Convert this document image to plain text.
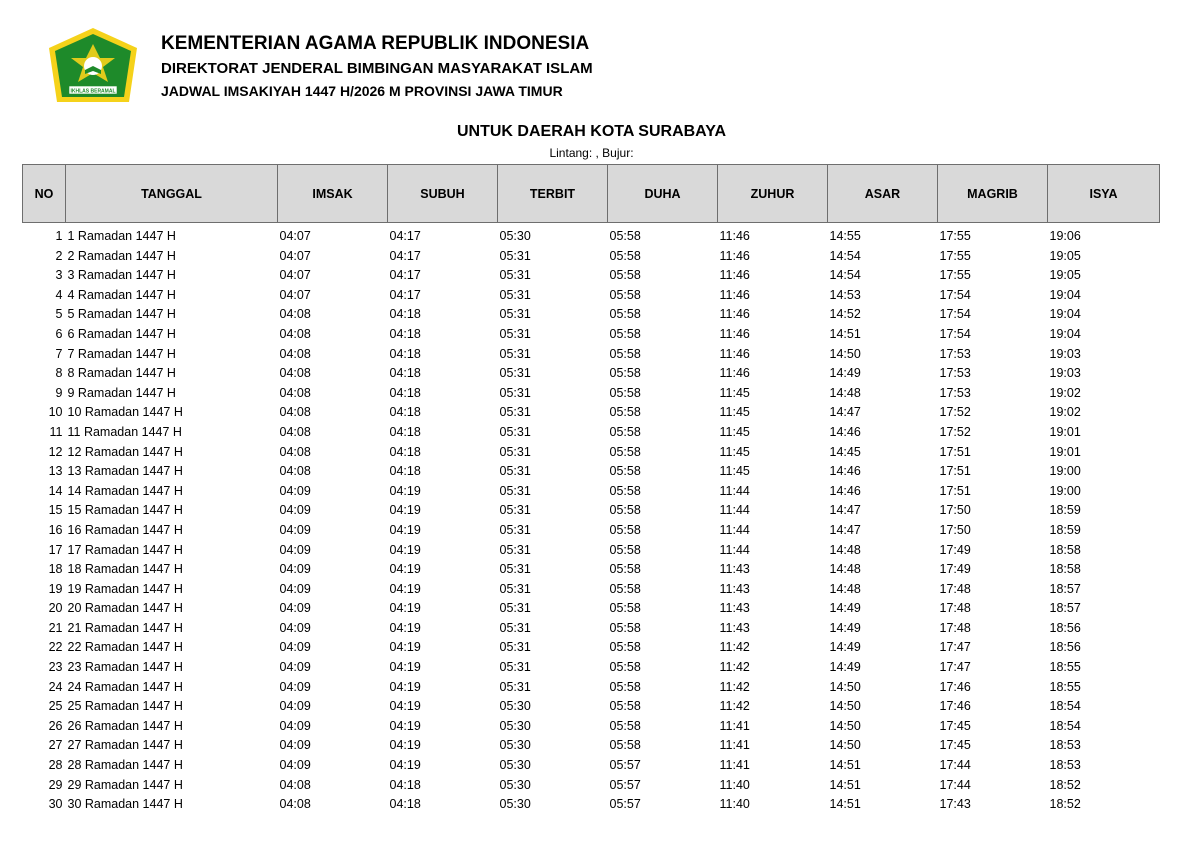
IKHLAS BERAMAL
KEMENTERIAN AGAMA REPUBLIK INDONESIA
DIREKTORAT JENDERAL BIMBINGAN MASYARAKAT ISLAM
JADWAL IMSAKIYAH 1447 H/2026 M PROVINSI JAWA TIMUR
UNTUK DAERAH KOTA SURABAYA
Lintang: , Bujur:
NO	TANGGAL	IMSAK	SUBUH	TERBIT	DUHA	ZUHUR	ASAR	MAGRIB	ISYA

1	1 Ramadan 1447 H	04:07	04:17	05:30	05:58	11:46	14:55	17:55	19:06
2	2 Ramadan 1447 H	04:07	04:17	05:31	05:58	11:46	14:54	17:55	19:05
3	3 Ramadan 1447 H	04:07	04:17	05:31	05:58	11:46	14:54	17:55	19:05
4	4 Ramadan 1447 H	04:07	04:17	05:31	05:58	11:46	14:53	17:54	19:04
5	5 Ramadan 1447 H	04:08	04:18	05:31	05:58	11:46	14:52	17:54	19:04
6	6 Ramadan 1447 H	04:08	04:18	05:31	05:58	11:46	14:51	17:54	19:04
7	7 Ramadan 1447 H	04:08	04:18	05:31	05:58	11:46	14:50	17:53	19:03
8	8 Ramadan 1447 H	04:08	04:18	05:31	05:58	11:46	14:49	17:53	19:03
9	9 Ramadan 1447 H	04:08	04:18	05:31	05:58	11:45	14:48	17:53	19:02
10	10 Ramadan 1447 H	04:08	04:18	05:31	05:58	11:45	14:47	17:52	19:02
11	11 Ramadan 1447 H	04:08	04:18	05:31	05:58	11:45	14:46	17:52	19:01
12	12 Ramadan 1447 H	04:08	04:18	05:31	05:58	11:45	14:45	17:51	19:01
13	13 Ramadan 1447 H	04:08	04:18	05:31	05:58	11:45	14:46	17:51	19:00
14	14 Ramadan 1447 H	04:09	04:19	05:31	05:58	11:44	14:46	17:51	19:00
15	15 Ramadan 1447 H	04:09	04:19	05:31	05:58	11:44	14:47	17:50	18:59
16	16 Ramadan 1447 H	04:09	04:19	05:31	05:58	11:44	14:47	17:50	18:59
17	17 Ramadan 1447 H	04:09	04:19	05:31	05:58	11:44	14:48	17:49	18:58
18	18 Ramadan 1447 H	04:09	04:19	05:31	05:58	11:43	14:48	17:49	18:58
19	19 Ramadan 1447 H	04:09	04:19	05:31	05:58	11:43	14:48	17:48	18:57
20	20 Ramadan 1447 H	04:09	04:19	05:31	05:58	11:43	14:49	17:48	18:57
21	21 Ramadan 1447 H	04:09	04:19	05:31	05:58	11:43	14:49	17:48	18:56
22	22 Ramadan 1447 H	04:09	04:19	05:31	05:58	11:42	14:49	17:47	18:56
23	23 Ramadan 1447 H	04:09	04:19	05:31	05:58	11:42	14:49	17:47	18:55
24	24 Ramadan 1447 H	04:09	04:19	05:31	05:58	11:42	14:50	17:46	18:55
25	25 Ramadan 1447 H	04:09	04:19	05:30	05:58	11:42	14:50	17:46	18:54
26	26 Ramadan 1447 H	04:09	04:19	05:30	05:58	11:41	14:50	17:45	18:54
27	27 Ramadan 1447 H	04:09	04:19	05:30	05:58	11:41	14:50	17:45	18:53
28	28 Ramadan 1447 H	04:09	04:19	05:30	05:57	11:41	14:51	17:44	18:53
29	29 Ramadan 1447 H	04:08	04:18	05:30	05:57	11:40	14:51	17:44	18:52
30	30 Ramadan 1447 H	04:08	04:18	05:30	05:57	11:40	14:51	17:43	18:52
